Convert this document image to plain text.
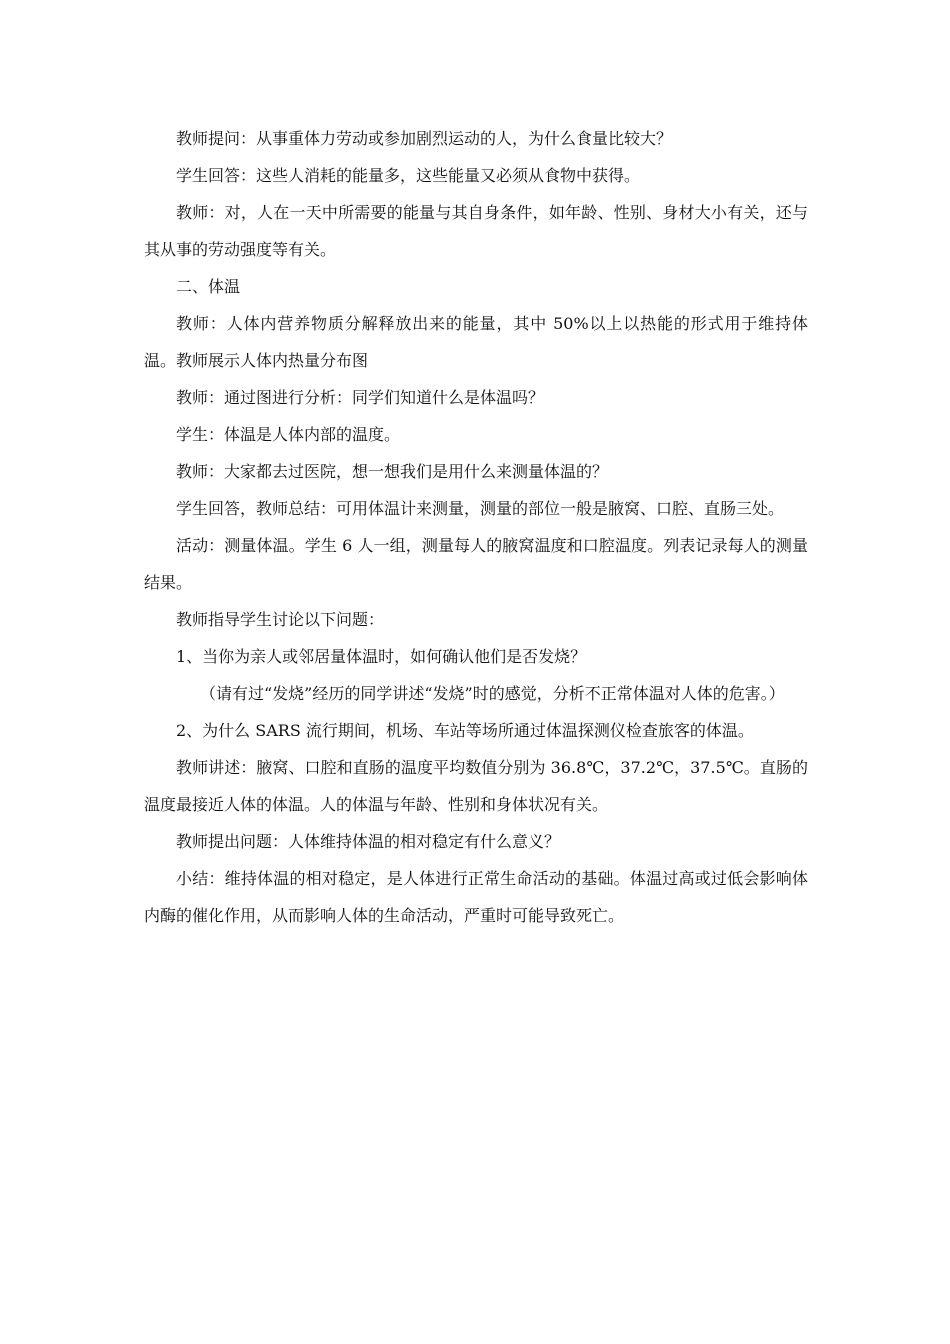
教师提问：从事重体力劳动或参加剧烈运动的人，为什么食量比较大？

学生回答：这些人消耗的能量多，这些能量又必须从食物中获得。

教师：对，人在一天中所需要的能量与其自身条件，如年龄、性别、身材大小有关，还与其从事的劳动强度等有关。

二、体温

教师：人体内营养物质分解释放出来的能量，其中 50%以上以热能的形式用于维持体温。教师展示人体内热量分布图

教师：通过图进行分析：同学们知道什么是体温吗？

学生：体温是人体内部的温度。

教师：大家都去过医院，想一想我们是用什么来测量体温的？

学生回答，教师总结：可用体温计来测量，测量的部位一般是腋窝、口腔、直肠三处。

活动：测量体温。学生 6 人一组，测量每人的腋窝温度和口腔温度。列表记录每人的测量结果。

教师指导学生讨论以下问题：

1、当你为亲人或邻居量体温时，如何确认他们是否发烧？

（请有过“发烧”经历的同学讲述“发烧”时的感觉，分析不正常体温对人体的危害。）

2、为什么 SARS 流行期间，机场、车站等场所通过体温探测仪检查旅客的体温。

教师讲述：腋窝、口腔和直肠的温度平均数值分别为 36.8℃，37.2℃，37.5℃。直肠的温度最接近人体的体温。人的体温与年龄、性别和身体状况有关。

教师提出问题：人体维持体温的相对稳定有什么意义？

小结：维持体温的相对稳定，是人体进行正常生命活动的基础。体温过高或过低会影响体内酶的催化作用，从而影响人体的生命活动，严重时可能导致死亡。
